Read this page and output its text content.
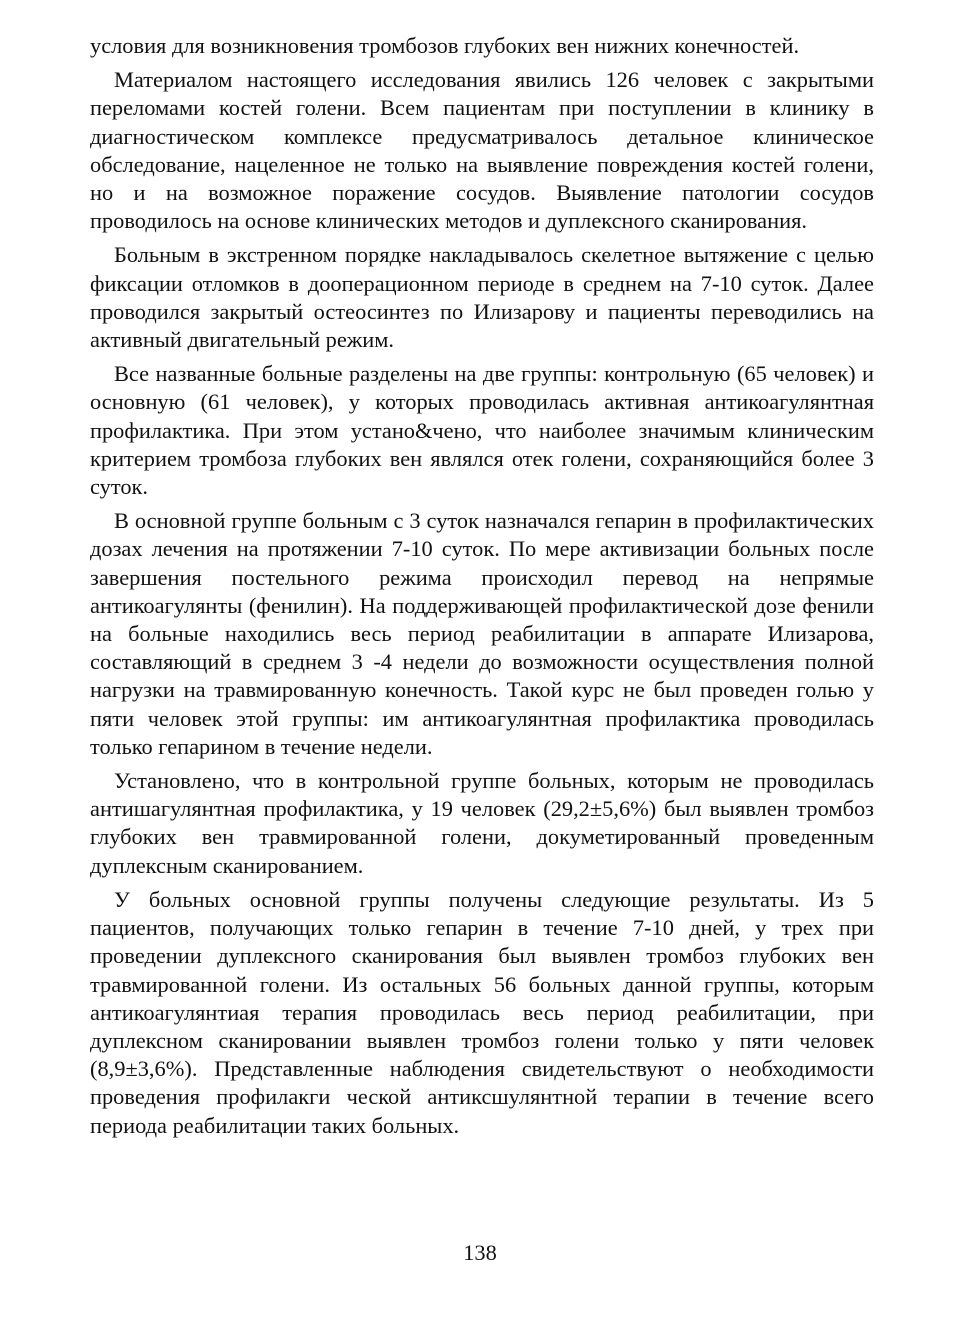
условия для возникновения тромбозов глубоких вен нижних конечностей.

Материалом настоящего исследования явились 126 человек с закрытыми переломами костей голени. Всем пациентам при поступлении в клинику в диагностическом комплексе предусматривалось детальное клиническое обследование, нацеленное не только на выявление повреждения костей голени, но и на возможное поражение сосудов. Выявление патологии сосудов проводилось на основе клинических методов и дуплексного сканирования.

Больным в экстренном порядке накладывалось скелетное вытяжение с целью фиксации отломков в дооперационном периоде в среднем на 7-10 суток. Далее проводился закрытый остеосинтез по Илизарову и пациенты переводились на активный двигательный режим.

Все названные больные разделены на две группы: контрольную (65 человек) и основную (61 человек), у которых проводилась активная антикоагулянтная профилактика. При этом устано&чено, что наиболее значимым клиническим критерием тромбоза глубоких вен являлся отек голени, сохраняющийся более 3 суток.

В основной группе больным с 3 суток назначался гепарин в профилактических дозах лечения на протяжении 7-10 суток. По мере активизации больных после завершения постельного режима происходил перевод на непрямые антикоагулянты (фенилин). На поддерживающей профилактической дозе фенили на больные находились весь период реабилитации в аппарате Илизарова, составляющий в среднем 3 -4 недели до возможности осуществления полной нагрузки на травмированную конечность. Такой курс не был проведен голью у пяти человек этой группы: им антикоагулянтная профилактика проводилась только гепарином в течение недели.

Установлено, что в контрольной группе больных, которым не проводилась антишагулянтная профилактика, у 19 человек (29,2±5,6%) был выявлен тромбоз глубоких вен травмированной голени, докуметированный проведенным дуплексным сканированием.

У больных основной группы получены следующие результаты. Из 5 пациентов, получающих только гепарин в течение 7-10 дней, у трех при проведении дуплексного сканирования был выявлен тромбоз глубоких вен травмированной голени. Из остальных 56 больных данной группы, которым антикоагулянтиая терапия проводилась весь период реабилитации, при дуплексном сканировании выявлен тромбоз голени только у пяти человек (8,9±3,6%). Представленные наблюдения свидетельствуют о необходимости проведения профилакги ческой антиксшулянтной терапии в течение всего периода реабилитации таких больных.

138
